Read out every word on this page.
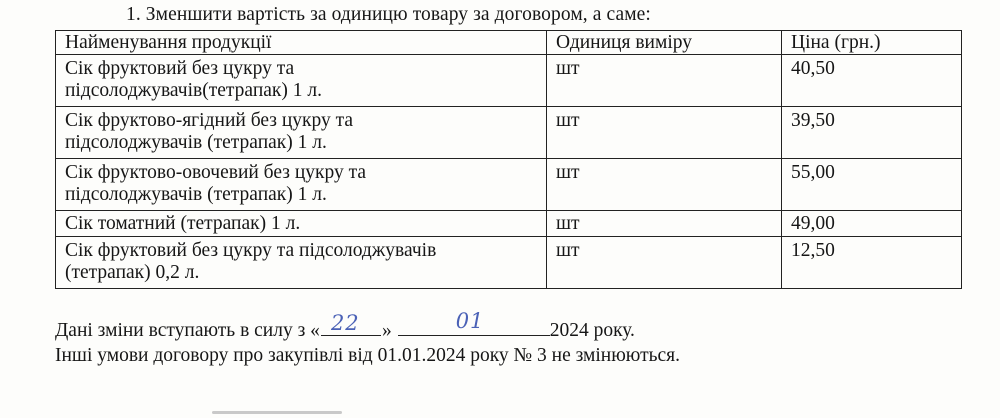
1. Зменшити вартість за одиницю товару за договором, а саме:
Найменування продукції	Одиниця виміру	Ціна (грн.)

Сік фруктовий без цукру та
підсолоджувачів(тетрапак) 1 л.	шт	40,50

Сік фруктово-ягідний без цукру та
підсолоджувачів (тетрапак) 1 л.	шт	39,50

Сік фруктово-овочевий без цукру та
підсолоджувачів (тетрапак) 1 л.	шт	55,00

Сік томатний (тетрапак) 1 л.	шт	49,00

Сік фруктовий без цукру та підсолоджувачів
(тетрапак) 0,2 л.	шт	12,50
Дані зміни вступають в силу з « 22 »	01	2024 року.
Інші умови договору про закупівлі від 01.01.2024 року № 3 не змінюються.
